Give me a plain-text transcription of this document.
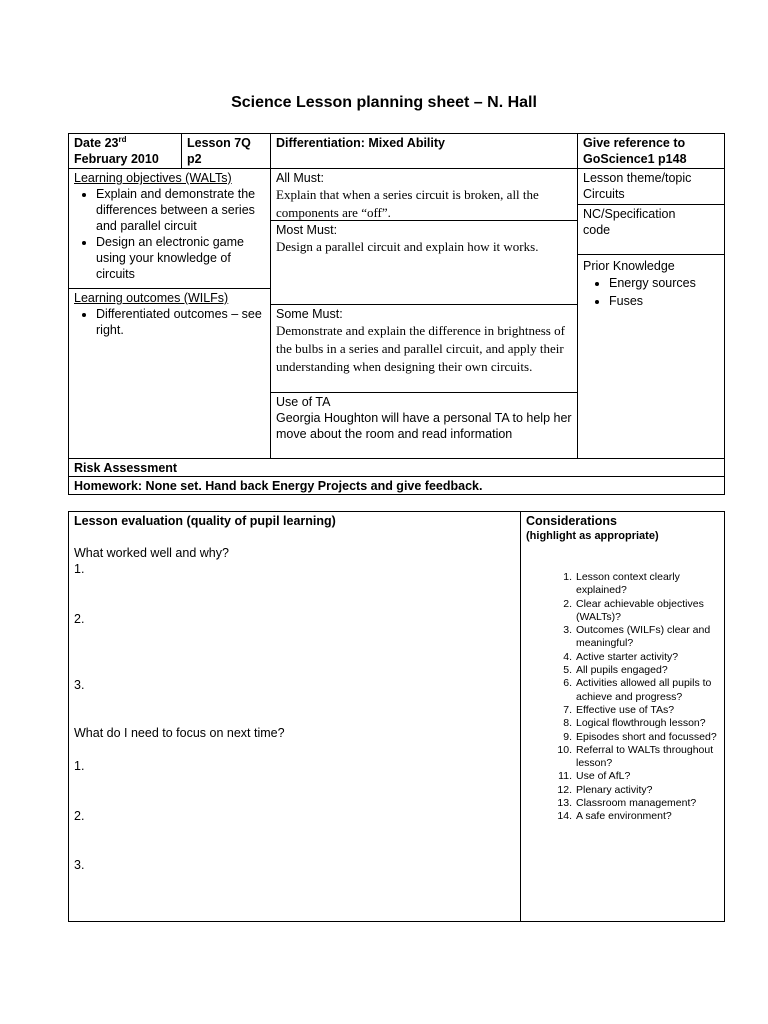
Science Lesson planning sheet – N. Hall
Date 23rd
February 2010
Lesson 7Q
p2
Differentiation: Mixed Ability	Give reference to
GoScience1 p148
Learning objectives (WALTs)
• Explain and demonstrate the differences between a series and parallel circuit
• Design an electronic game using your knowledge of circuits
Learning outcomes (WILFs)
• Differentiated outcomes – see right.
All Must:
Explain that when a series circuit is broken, all the components are “off”.
Most Must:
Design a parallel circuit and explain how it works.
Some Must:
Demonstrate and explain the difference in brightness of the bulbs in a series and parallel circuit, and apply their understanding when designing their own circuits.
Use of TA
Georgia Houghton will have a personal TA to help her move about the room and read information
Lesson theme/topic
Circuits
NC/Specification
code
Prior Knowledge
• Energy sources
• Fuses
Risk Assessment
Homework: None set. Hand back Energy Projects and give feedback.
Lesson evaluation (quality of pupil learning)
What worked well and why?
1.
2.
3.
What do I need to focus on next time?
1.
2.
3.
Considerations
(highlight as appropriate)
1. Lesson context clearly explained?
2. Clear achievable objectives (WALTs)?
3. Outcomes (WILFs) clear and meaningful?
4. Active starter activity?
5. All pupils engaged?
6. Activities allowed all pupils to achieve and progress?
7. Effective use of TAs?
8. Logical flowthrough lesson?
9. Episodes short and focussed?
10. Referral to WALTs throughout lesson?
11. Use of AfL?
12. Plenary activity?
13. Classroom management?
14. A safe environment?
